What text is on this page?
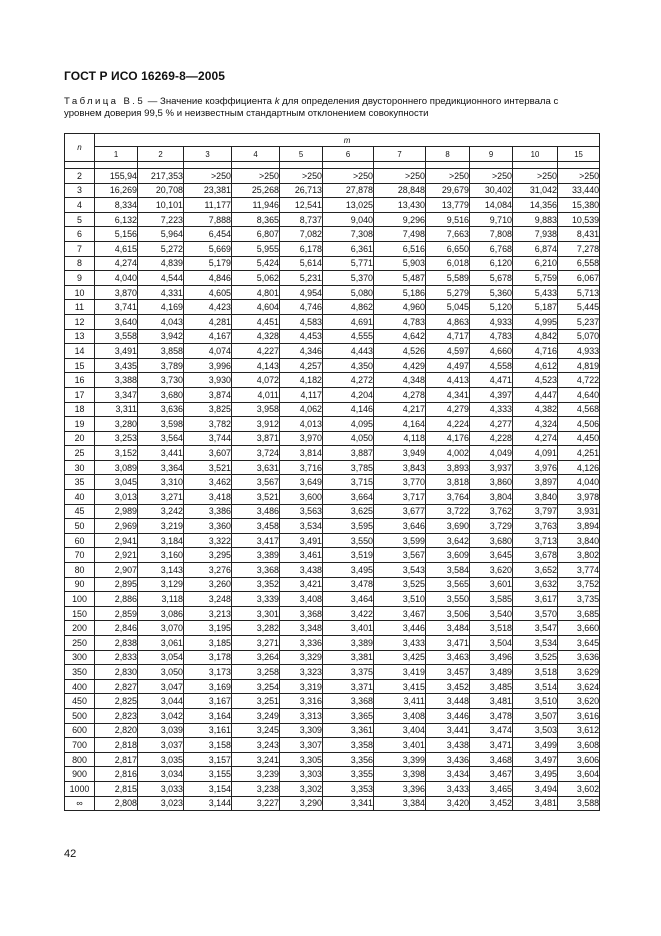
ГОСТ Р ИСО 16269-8—2005
Таблица В.5 — Значение коэффициента k для определения двустороннего предикционного интервала с уровнем доверия 99,5 % и неизвестным стандартным отклонением совокупности
n	m										
	1	2	3	4	5	6	7	8	9	10	15

2	155,94	217,353	>250	>250	>250	>250	>250	>250	>250	>250	>250
3	16,269	20,708	23,381	25,268	26,713	27,878	28,848	29,679	30,402	31,042	33,440
4	8,334	10,101	11,177	11,946	12,541	13,025	13,430	13,779	14,084	14,356	15,380
5	6,132	7,223	7,888	8,365	8,737	9,040	9,296	9,516	9,710	9,883	10,539
6	5,156	5,964	6,454	6,807	7,082	7,308	7,498	7,663	7,808	7,938	8,431
7	4,615	5,272	5,669	5,955	6,178	6,361	6,516	6,650	6,768	6,874	7,278
8	4,274	4,839	5,179	5,424	5,614	5,771	5,903	6,018	6,120	6,210	6,558
9	4,040	4,544	4,846	5,062	5,231	5,370	5,487	5,589	5,678	5,759	6,067
10	3,870	4,331	4,605	4,801	4,954	5,080	5,186	5,279	5,360	5,433	5,713
11	3,741	4,169	4,423	4,604	4,746	4,862	4,960	5,045	5,120	5,187	5,445
12	3,640	4,043	4,281	4,451	4,583	4,691	4,783	4,863	4,933	4,995	5,237
13	3,558	3,942	4,167	4,328	4,453	4,555	4,642	4,717	4,783	4,842	5,070
14	3,491	3,858	4,074	4,227	4,346	4,443	4,526	4,597	4,660	4,716	4,933
15	3,435	3,789	3,996	4,143	4,257	4,350	4,429	4,497	4,558	4,612	4,819
16	3,388	3,730	3,930	4,072	4,182	4,272	4,348	4,413	4,471	4,523	4,722
17	3,347	3,680	3,874	4,011	4,117	4,204	4,278	4,341	4,397	4,447	4,640
18	3,311	3,636	3,825	3,958	4,062	4,146	4,217	4,279	4,333	4,382	4,568
19	3,280	3,598	3,782	3,912	4,013	4,095	4,164	4,224	4,277	4,324	4,506
20	3,253	3,564	3,744	3,871	3,970	4,050	4,118	4,176	4,228	4,274	4,450
25	3,152	3,441	3,607	3,724	3,814	3,887	3,949	4,002	4,049	4,091	4,251
30	3,089	3,364	3,521	3,631	3,716	3,785	3,843	3,893	3,937	3,976	4,126
35	3,045	3,310	3,462	3,567	3,649	3,715	3,770	3,818	3,860	3,897	4,040
40	3,013	3,271	3,418	3,521	3,600	3,664	3,717	3,764	3,804	3,840	3,978
45	2,989	3,242	3,386	3,486	3,563	3,625	3,677	3,722	3,762	3,797	3,931
50	2,969	3,219	3,360	3,458	3,534	3,595	3,646	3,690	3,729	3,763	3,894
60	2,941	3,184	3,322	3,417	3,491	3,550	3,599	3,642	3,680	3,713	3,840
70	2,921	3,160	3,295	3,389	3,461	3,519	3,567	3,609	3,645	3,678	3,802
80	2,907	3,143	3,276	3,368	3,438	3,495	3,543	3,584	3,620	3,652	3,774
90	2,895	3,129	3,260	3,352	3,421	3,478	3,525	3,565	3,601	3,632	3,752
100	2,886	3,118	3,248	3,339	3,408	3,464	3,510	3,550	3,585	3,617	3,735
150	2,859	3,086	3,213	3,301	3,368	3,422	3,467	3,506	3,540	3,570	3,685
200	2,846	3,070	3,195	3,282	3,348	3,401	3,446	3,484	3,518	3,547	3,660
250	2,838	3,061	3,185	3,271	3,336	3,389	3,433	3,471	3,504	3,534	3,645
300	2,833	3,054	3,178	3,264	3,329	3,381	3,425	3,463	3,496	3,525	3,636
350	2,830	3,050	3,173	3,258	3,323	3,375	3,419	3,457	3,489	3,518	3,629
400	2,827	3,047	3,169	3,254	3,319	3,371	3,415	3,452	3,485	3,514	3,624
450	2,825	3,044	3,167	3,251	3,316	3,368	3,411	3,448	3,481	3,510	3,620
500	2,823	3,042	3,164	3,249	3,313	3,365	3,408	3,446	3,478	3,507	3,616
600	2,820	3,039	3,161	3,245	3,309	3,361	3,404	3,441	3,474	3,503	3,612
700	2,818	3,037	3,158	3,243	3,307	3,358	3,401	3,438	3,471	3,499	3,608
800	2,817	3,035	3,157	3,241	3,305	3,356	3,399	3,436	3,468	3,497	3,606
900	2,816	3,034	3,155	3,239	3,303	3,355	3,398	3,434	3,467	3,495	3,604
1000	2,815	3,033	3,154	3,238	3,302	3,353	3,396	3,433	3,465	3,494	3,602
∞	2,808	3,023	3,144	3,227	3,290	3,341	3,384	3,420	3,452	3,481	3,588
42
